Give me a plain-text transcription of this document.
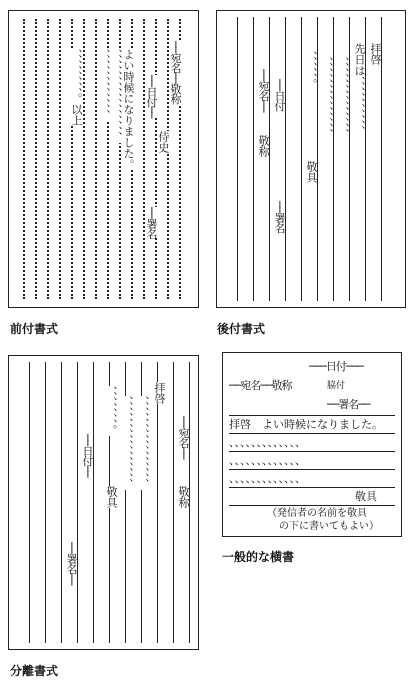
──宛名──敬称
侍史
よい時候になりました。
、、、、、、、、、、、、、、、、
、、、、、、、、、、、、
、、、、、、、、。以上	──日付──
──署名
前付書式
拝啓
先日は、、、、、、、、、、
、、、、、、、、、、、、、、
、、、、、、、、、、、、、、
、、、、、。
敬具
──日付
──署名
──宛名──
敬称
後付書式
──宛名──
敬称
拝啓
、、、、、、、、、、、、、、、、
、、、、、、、、、、、、、、、、
、、、、、、、。
敬具
──日付──
──署名──
分離書式
───日付───
──宛名──敬称	脇付
──署名──
拝啓　よい時候になりました。
、、、、、、、、、、、、、
、、、、、、、、、、、、、
、、、、、、、、、、、、、
敬具
（発信者の名前を敬具
の下に書いてもよい）
一般的な横書
